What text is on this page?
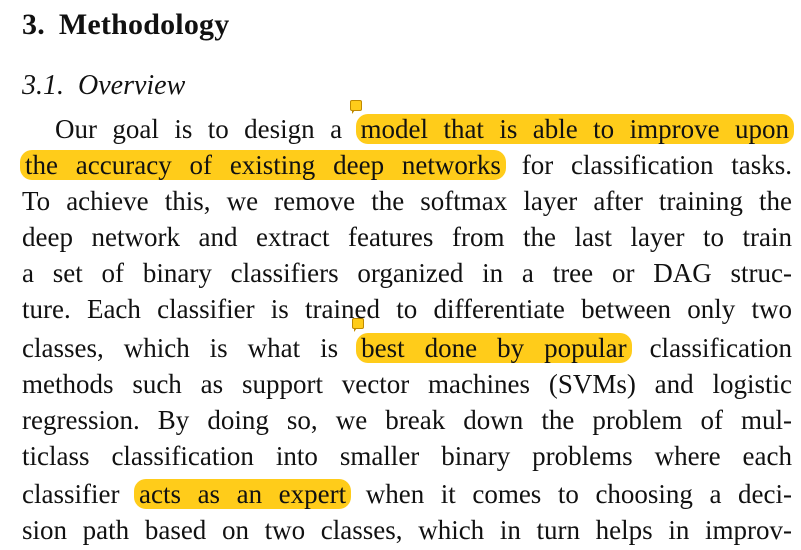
3. Methodology
3.1. Overview
Our goal is to design a model that is able to improve upon
the accuracy of existing deep networks for classification tasks.
To achieve this, we remove the softmax layer after training the
deep network and extract features from the last layer to train
a set of binary classifiers organized in a tree or DAG struc-
ture. Each classifier is trained to differentiate between only two
classes, which is what is best done by popular classification
methods such as support vector machines (SVMs) and logistic
regression. By doing so, we break down the problem of mul-
ticlass classification into smaller binary problems where each
classifier acts as an expert when it comes to choosing a deci-
sion path based on two classes, which in turn helps in improv-
